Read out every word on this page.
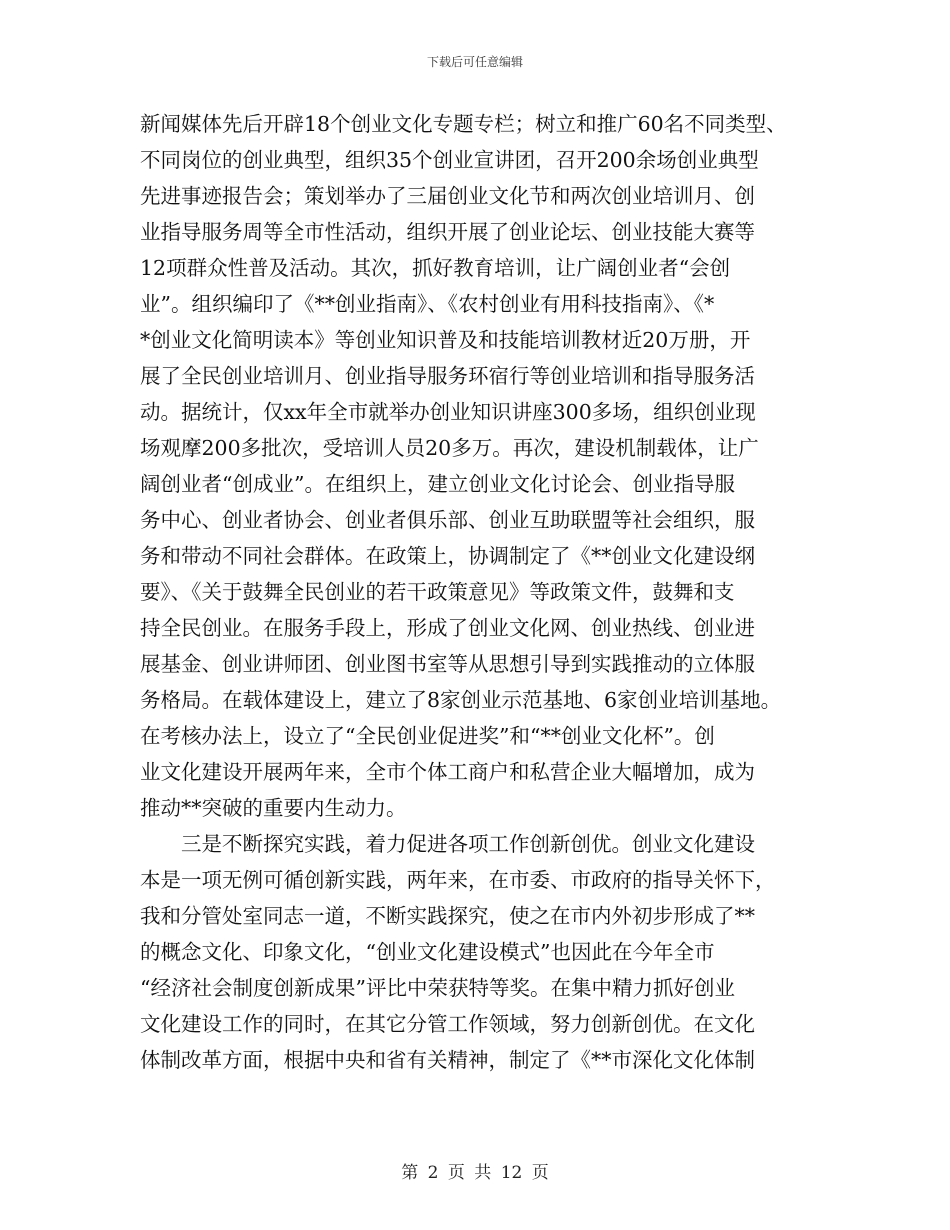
下载后可任意编辑
新闻媒体先后开辟18个创业文化专题专栏；树立和推广60名不同类型、
不同岗位的创业典型，组织35个创业宣讲团，召开200余场创业典型
先进事迹报告会；策划举办了三届创业文化节和两次创业培训月、创
业指导服务周等全市性活动，组织开展了创业论坛、创业技能大赛等
12项群众性普及活动。其次，抓好教育培训，让广阔创业者“会创
业”。组织编印了《**创业指南》、《农村创业有用科技指南》、《*
*创业文化简明读本》等创业知识普及和技能培训教材近20万册，开
展了全民创业培训月、创业指导服务环宿行等创业培训和指导服务活
动。据统计，仅xx年全市就举办创业知识讲座300多场，组织创业现
场观摩200多批次，受培训人员20多万。再次，建设机制载体，让广
阔创业者“创成业”。在组织上，建立创业文化讨论会、创业指导服
务中心、创业者协会、创业者俱乐部、创业互助联盟等社会组织，服
务和带动不同社会群体。在政策上，协调制定了《**创业文化建设纲
要》、《关于鼓舞全民创业的若干政策意见》等政策文件，鼓舞和支
持全民创业。在服务手段上，形成了创业文化网、创业热线、创业进
展基金、创业讲师团、创业图书室等从思想引导到实践推动的立体服
务格局。在载体建设上，建立了8家创业示范基地、6家创业培训基地。
在考核办法上，设立了“全民创业促进奖”和“**创业文化杯”。创
业文化建设开展两年来，全市个体工商户和私营企业大幅增加，成为
推动**突破的重要内生动力。
　　三是不断探究实践，着力促进各项工作创新创优。创业文化建设
本是一项无例可循创新实践，两年来，在市委、市政府的指导关怀下，
我和分管处室同志一道，不断实践探究，使之在市内外初步形成了**
的概念文化、印象文化，“创业文化建设模式”也因此在今年全市
“经济社会制度创新成果”评比中荣获特等奖。在集中精力抓好创业
文化建设工作的同时，在其它分管工作领域，努力创新创优。在文化
体制改革方面，根据中央和省有关精神，制定了《**市深化文化体制
第 2 页 共 12 页
